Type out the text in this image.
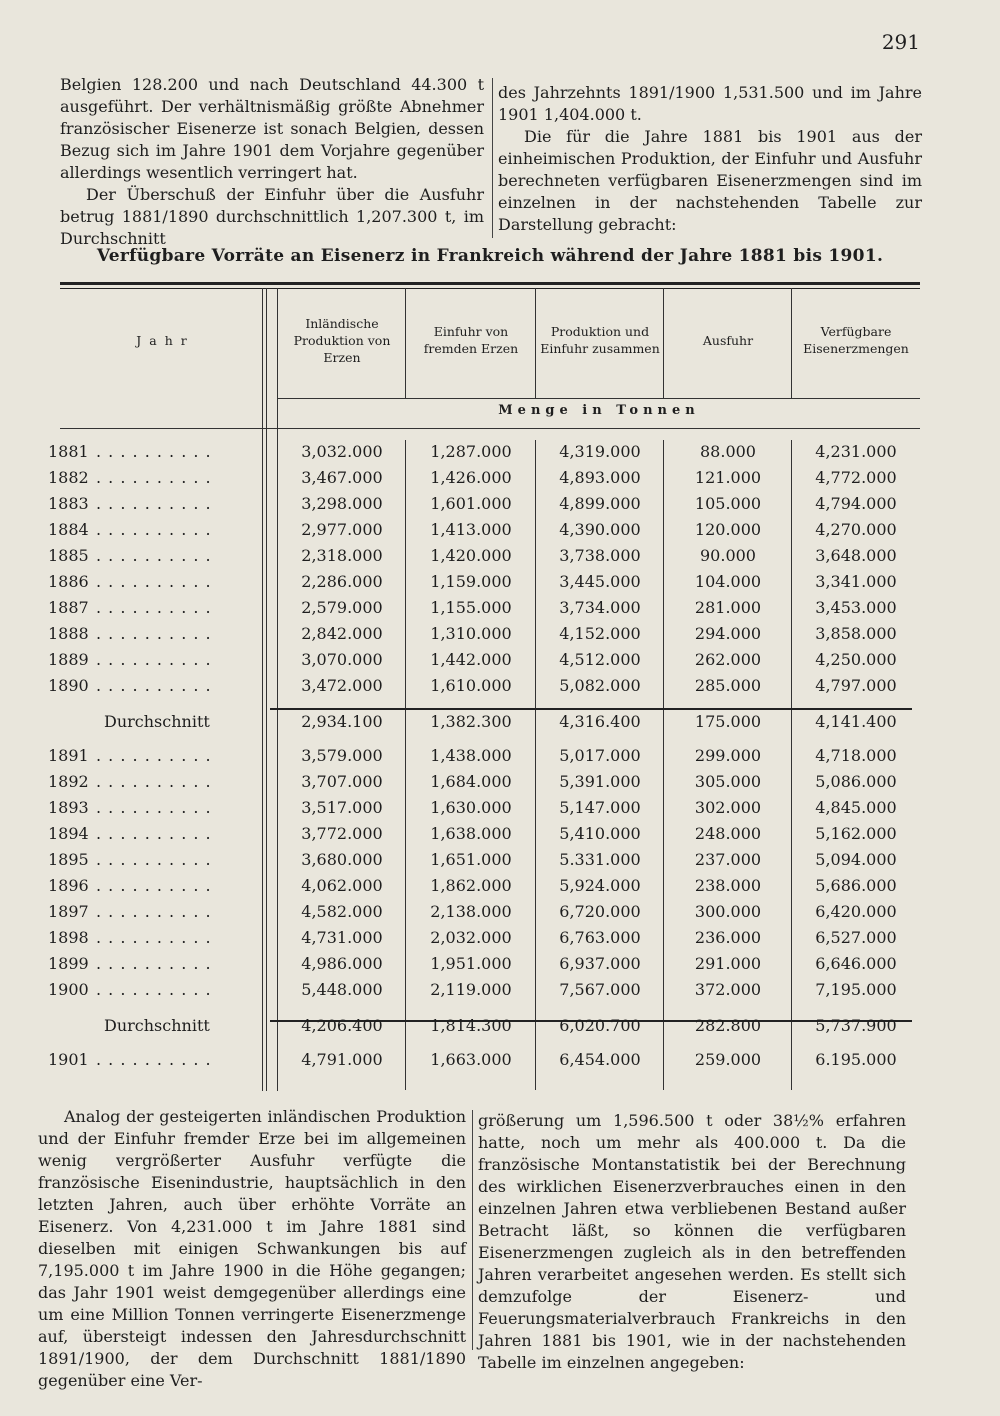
291

Belgien 128.200 und nach Deutschland 44.300 t ausgeführt. Der verhältnismäßig größte Abnehmer französischer Eisenerze ist sonach Belgien, dessen Bezug sich im Jahre 1901 dem Vorjahre gegenüber allerdings wesentlich verringert hat.

Der Überschuß der Einfuhr über die Ausfuhr betrug 1881/1890 durchschnittlich 1,207.300 t, im Durchschnitt

des Jahrzehnts 1891/1900 1,531.500 und im Jahre 1901 1,404.000 t.

Die für die Jahre 1881 bis 1901 aus der einheimischen Produktion, der Einfuhr und Ausfuhr berechneten verfügbaren Eisenerzmengen sind im einzelnen in der nachstehenden Tabelle zur Darstellung gebracht:

Verfügbare Vorräte an Eisenerz in Frankreich während der Jahre 1881 bis 1901.
J a h r
Inländische Produktion von Erzen
Einfuhr von fremden Erzen
Produktion und Einfuhr zusammen
Ausfuhr
Verfügbare Eisenerzmengen
Menge in Tonnen
1881 . . . . . . . . . .	3,032.000	1,287.000	4,319.000	88.000	4,231.000
1882 . . . . . . . . . .	3,467.000	1,426.000	4,893.000	121.000	4,772.000
1883 . . . . . . . . . .	3,298.000	1,601.000	4,899.000	105.000	4,794.000
1884 . . . . . . . . . .	2,977.000	1,413.000	4,390.000	120.000	4,270.000
1885 . . . . . . . . . .	2,318.000	1,420.000	3,738.000	90.000	3,648.000
1886 . . . . . . . . . .	2,286.000	1,159.000	3,445.000	104.000	3,341.000
1887 . . . . . . . . . .	2,579.000	1,155.000	3,734.000	281.000	3,453.000
1888 . . . . . . . . . .	2,842.000	1,310.000	4,152.000	294.000	3,858.000
1889 . . . . . . . . . .	3,070.000	1,442.000	4,512.000	262.000	4,250.000
1890 . . . . . . . . . .	3,472.000	1,610.000	5,082.000	285.000	4,797.000
Durchschnitt	2,934.100	1,382.300	4,316.400	175.000	4,141.400
1891 . . . . . . . . . .	3,579.000	1,438.000	5,017.000	299.000	4,718.000
1892 . . . . . . . . . .	3,707.000	1,684.000	5,391.000	305.000	5,086.000
1893 . . . . . . . . . .	3,517.000	1,630.000	5,147.000	302.000	4,845.000
1894 . . . . . . . . . .	3,772.000	1,638.000	5,410.000	248.000	5,162.000
1895 . . . . . . . . . .	3,680.000	1,651.000	5.331.000	237.000	5,094.000
1896 . . . . . . . . . .	4,062.000	1,862.000	5,924.000	238.000	5,686.000
1897 . . . . . . . . . .	4,582.000	2,138.000	6,720.000	300.000	6,420.000
1898 . . . . . . . . . .	4,731.000	2,032.000	6,763.000	236.000	6,527.000
1899 . . . . . . . . . .	4,986.000	1,951.000	6,937.000	291.000	6,646.000
1900 . . . . . . . . . .	5,448.000	2,119.000	7,567.000	372.000	7,195.000
Durchschnitt	4,206.400	1,814.300	6,020.700	282.800	5,737.900
1901 . . . . . . . . . .	4,791.000	1,663.000	6,454.000	259.000	6.195.000

Analog der gesteigerten inländischen Produktion und der Einfuhr fremder Erze bei im allgemeinen wenig vergrößerter Ausfuhr verfügte die französische Eisenindustrie, hauptsächlich in den letzten Jahren, auch über erhöhte Vorräte an Eisenerz. Von 4,231.000 t im Jahre 1881 sind dieselben mit einigen Schwankungen bis auf 7,195.000 t im Jahre 1900 in die Höhe gegangen; das Jahr 1901 weist demgegenüber allerdings eine um eine Million Tonnen verringerte Eisenerzmenge auf, übersteigt indessen den Jahresdurchschnitt 1891/1900, der dem Durchschnitt 1881/1890 gegenüber eine Ver-

größerung um 1,596.500 t oder 38½% erfahren hatte, noch um mehr als 400.000 t. Da die französische Montanstatistik bei der Berechnung des wirklichen Eisenerzverbrauches einen in den einzelnen Jahren etwa verbliebenen Bestand außer Betracht läßt, so können die verfügbaren Eisenerzmengen zugleich als in den betreffenden Jahren verarbeitet angesehen werden. Es stellt sich demzufolge der Eisenerz- und Feuerungsmaterialverbrauch Frankreichs in den Jahren 1881 bis 1901, wie in der nachstehenden Tabelle im einzelnen angegeben:
